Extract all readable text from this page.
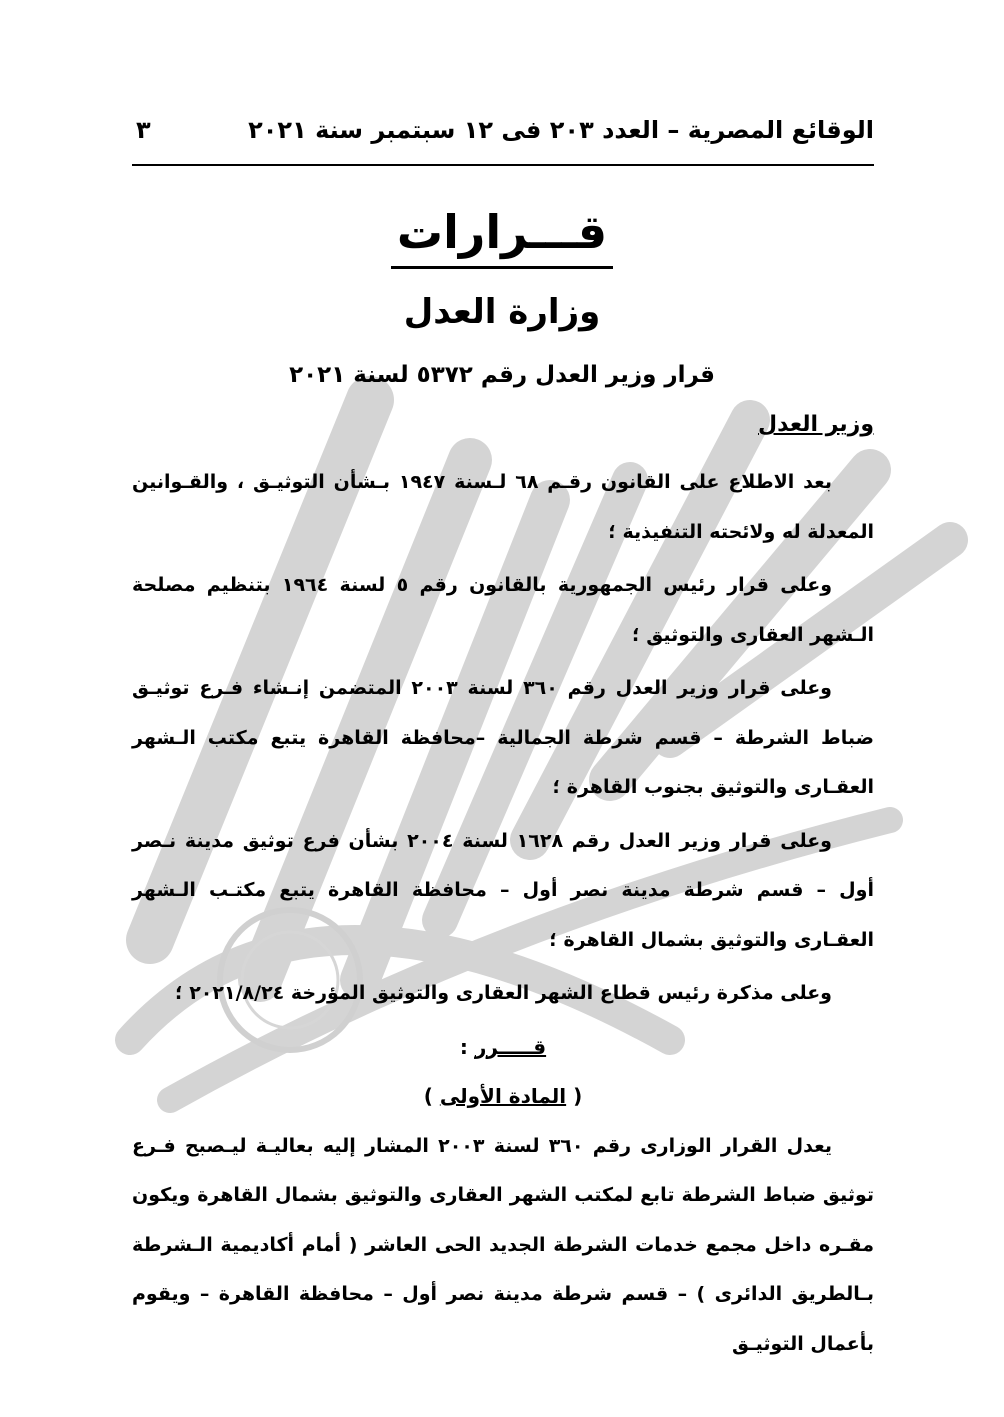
الوقائع المصرية – العدد ٢٠٣ فى ١٢ سبتمبر سنة ٢٠٢١
٣
قـــرارات
وزارة العدل
قرار وزير العدل رقم ٥٣٧٢ لسنة ٢٠٢١
وزير العدل

بعد الاطلاع على القانون رقـم ٦٨ لـسنة ١٩٤٧ بـشأن التوثيـق ، والقـوانين المعدلة له ولائحته التنفيذية ؛

وعلى قرار رئيس الجمهورية بالقانون رقم ٥ لسنة ١٩٦٤ بتنظيم مصلحة الـشهر العقارى والتوثيق ؛

وعلى قرار وزير العدل رقم ٣٦٠ لسنة ٢٠٠٣ المتضمن إنـشاء فـرع توثيـق ضباط الشرطة – قسم شرطة الجمالية –محافظة القاهرة يتبع مكتب الـشهر العقـارى والتوثيق بجنوب القاهرة ؛

وعلى قرار وزير العدل رقم ١٦٢٨ لسنة ٢٠٠٤ بشأن فرع توثيق مدينة نـصر أول – قسم شرطة مدينة نصر أول – محافظة القاهرة يتبع مكتـب الـشهر العقـارى والتوثيق بشمال القاهرة ؛

وعلى مذكرة رئيس قطاع الشهر العقارى والتوثيق المؤرخة ٢٠٢١/٨/٢٤ ؛

قـــــرر :

( المادة الأولى )

يعدل القرار الوزارى رقم ٣٦٠ لسنة ٢٠٠٣ المشار إليه بعاليـة ليـصبح فـرع توثيق ضباط الشرطة تابع لمكتب الشهر العقارى والتوثيق بشمال القاهرة ويكون مقـره داخل مجمع خدمات الشرطة الجديد الحى العاشر ( أمام أكاديمية الـشرطة بـالطريق الدائرى ) – قسم شرطة مدينة نصر أول – محافظة القاهرة – ويقوم بأعمال التوثيـق
